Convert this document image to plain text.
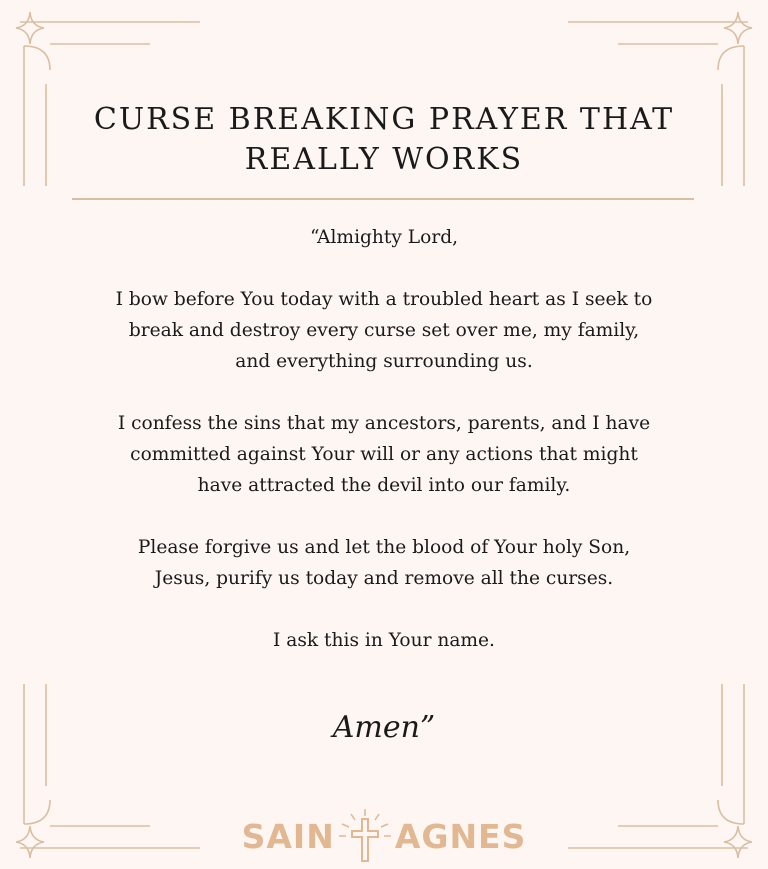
CURSE BREAKING PRAYER THAT
REALLY WORKS

“Almighty Lord,

I bow before You today with a troubled heart as I seek to
break and destroy every curse set over me, my family,
and everything surrounding us.

I confess the sins that my ancestors, parents, and I have
committed against Your will or any actions that might
have attracted the devil into our family.

Please forgive us and let the blood of Your holy Son,
Jesus, purify us today and remove all the curses.

I ask this in Your name.

Amen”
SAIN AGNES
